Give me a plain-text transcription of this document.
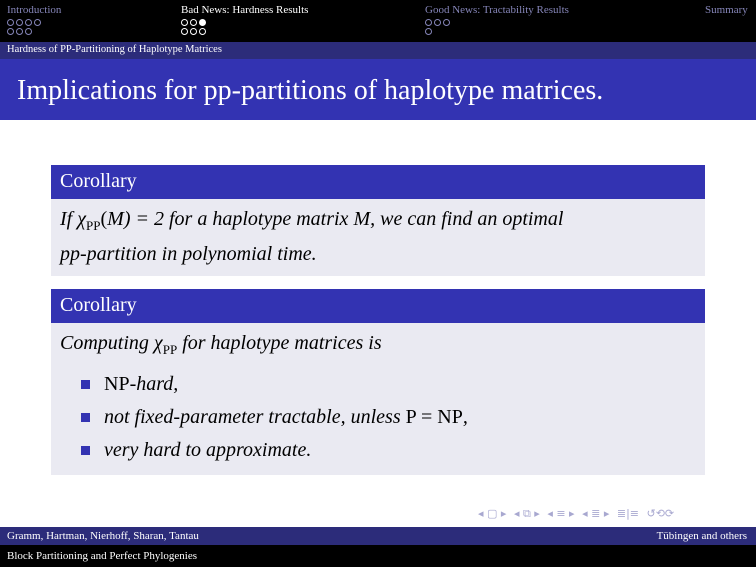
Introduction	Bad News: Hardness Results	Good News: Tractability Results	Summary
Hardness of PP-Partitioning of Haplotype Matrices
Implications for pp-partitions of haplotype matrices.
Corollary
If $\chi_{PP}(M) = 2$ for a haplotype matrix M, we can find an optimal
pp-partition in polynomial time.
Corollary
Computing $\chi_{PP}$ for haplotype matrices is
NP-hard,
not fixed-parameter tractable, unless P = NP,
very hard to approximate.
◂ ▢ ▸ ◂ ⧉ ▸ ◂ ≡ ▸ ◂ ≣ ▸ ≣|≡ ↺⟲⟳
Gramm, Hartman, Nierhoff, Sharan, Tantau	Tübingen and others
Block Partitioning and Perfect Phylogenies
